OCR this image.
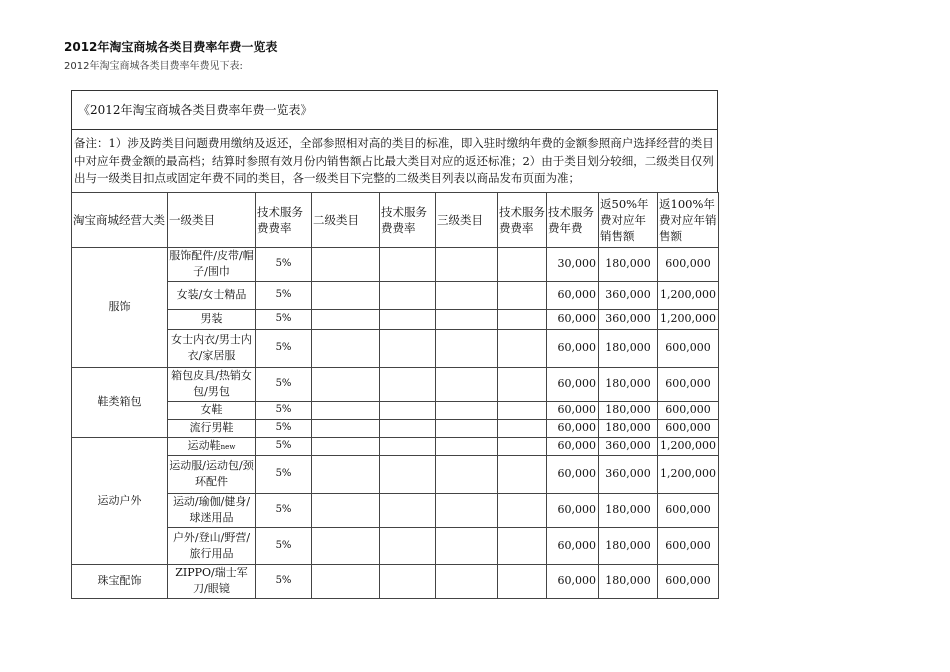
2012年淘宝商城各类目费率年费一览表
2012年淘宝商城各类目费率年费见下表:
《2012年淘宝商城各类目费率年费一览表》
备注：1）涉及跨类目问题费用缴纳及返还，全部参照相对高的类目的标准，即入驻时缴纳年费的金额参照商户选择经营的类目中对应年费金额的最高档；结算时参照有效月份内销售额占比最大类目对应的返还标准；2）由于类目划分较细，二级类目仅列出与一级类目扣点或固定年费不同的类目，各一级类目下完整的二级类目列表以商品发布页面为准；
淘宝商城经营大类	一级类目	技术服务费费率	二级类目	技术服务费费率	三级类目	技术服务费费率	技术服务费年费	返50%年费对应年销售额	返100%年费对应年销售额
服饰	服饰配件/皮带/帽子/围巾	5%					30,000	180,000	600,000
	女装/女士精品	5%					60,000	360,000	1,200,000
	男装	5%					60,000	360,000	1,200,000
	女士内衣/男士内衣/家居服	5%					60,000	180,000	600,000
鞋类箱包	箱包皮具/热销女包/男包	5%					60,000	180,000	600,000
	女鞋	5%					60,000	180,000	600,000
	流行男鞋	5%					60,000	180,000	600,000
运动户外	运动鞋new	5%					60,000	360,000	1,200,000
	运动服/运动包/颈环配件	5%					60,000	360,000	1,200,000
	运动/瑜伽/健身/球迷用品	5%					60,000	180,000	600,000
	户外/登山/野营/旅行用品	5%					60,000	180,000	600,000
珠宝配饰	ZIPPO/瑞士军刀/眼镜	5%					60,000	180,000	600,000
